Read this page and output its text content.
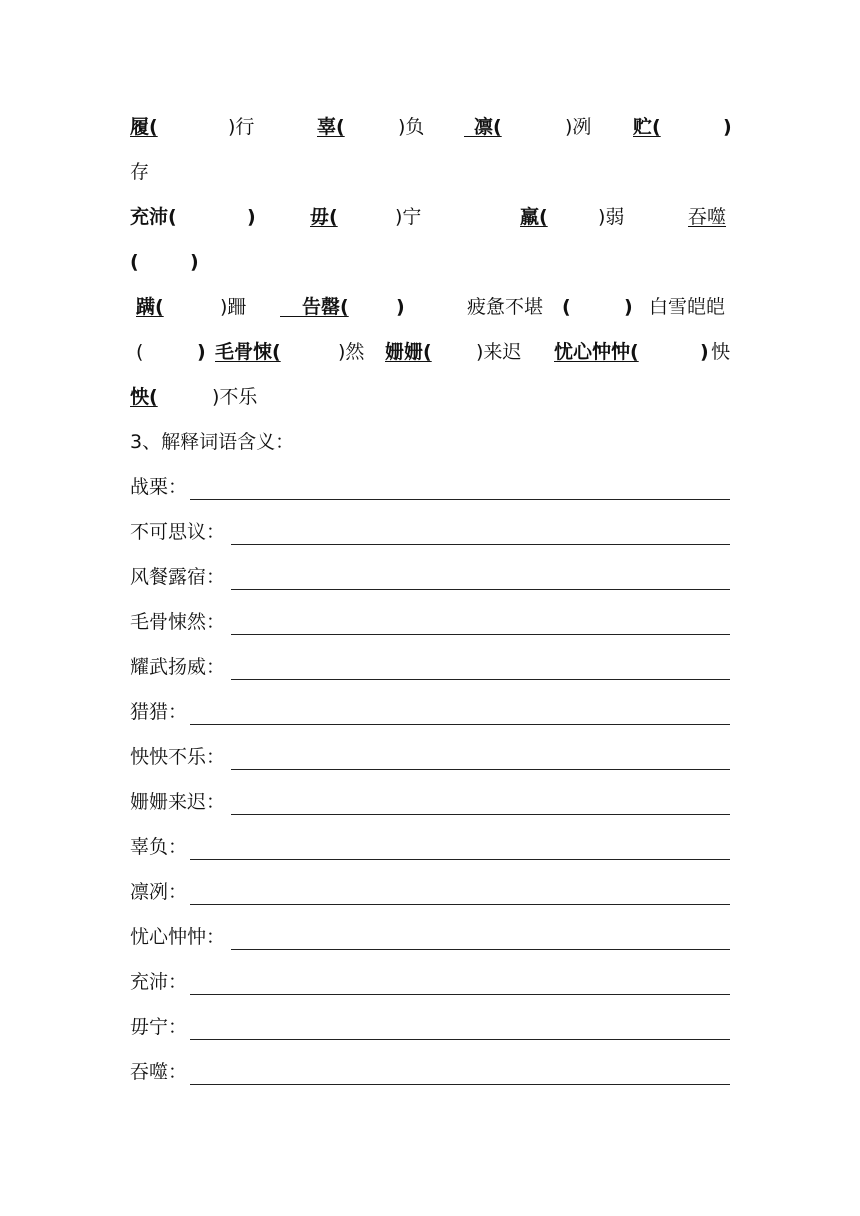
履(	)行	辜(	)负	凛(	)冽 贮(	)
存
充沛(	)	毋(	)宁	羸(	)弱	吞噬
(	)
蹒(	)跚	告罄( )	疲惫不堪 (	) 白雪皑皑
(	) 毛骨悚(	)然 姗姗( )来迟 忧心忡忡(	) 怏
怏(	)不乐
3、解释词语含义：
战栗：
不可思议：
风餐露宿：
毛骨悚然：
耀武扬威：
猎猎：
怏怏不乐：
姗姗来迟：
辜负：
凛冽：
忧心忡忡：
充沛：
毋宁：
吞噬：
